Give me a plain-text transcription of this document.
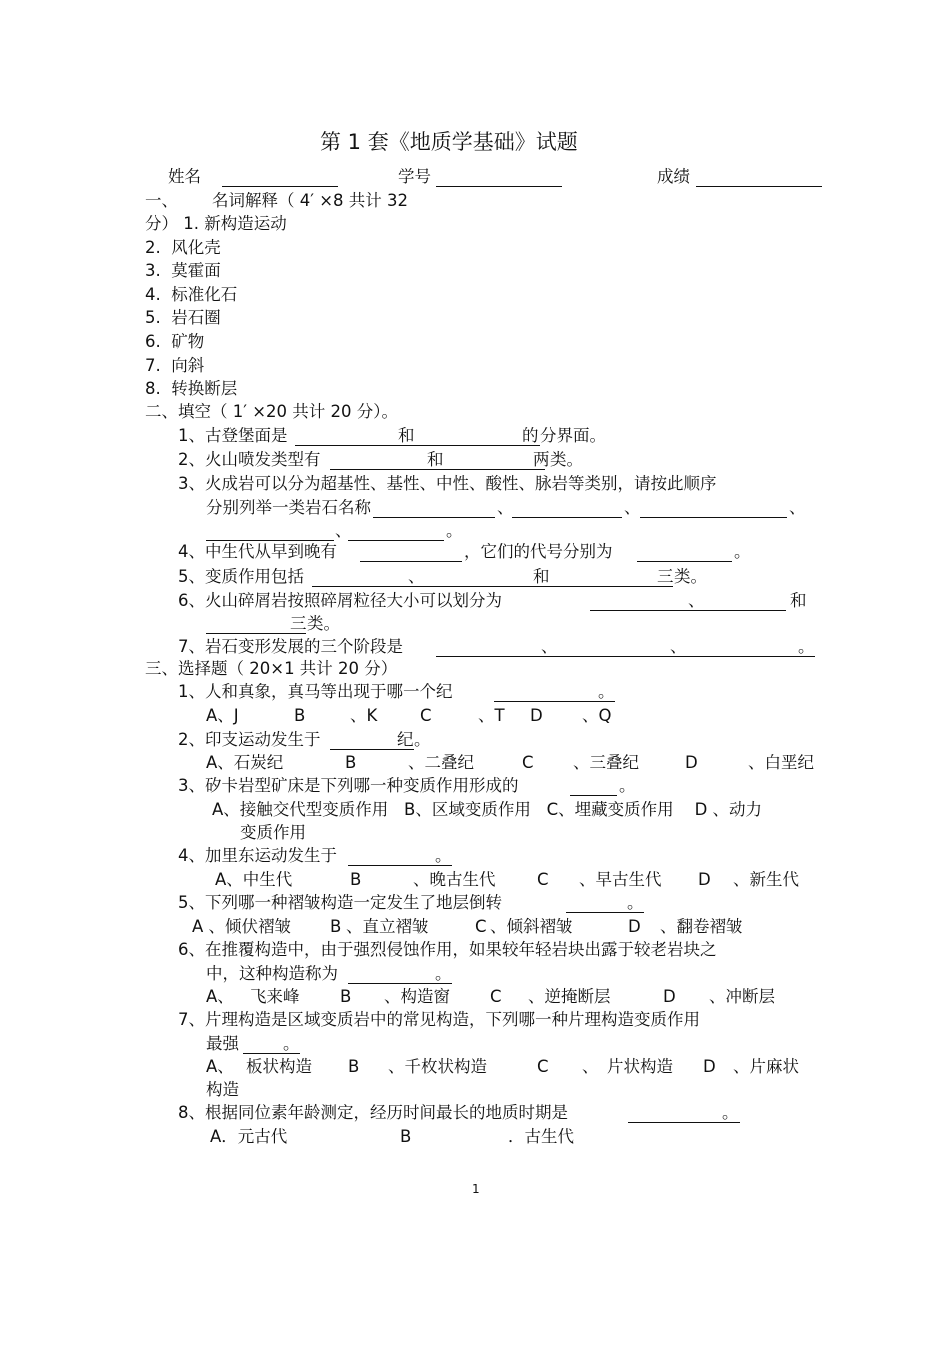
第 1 套《地质学基础》试题
姓名	学号	成绩
一、 名词解释（ 4′ ×8 共计 32
分） 1. 新构造运动
2.  风化壳
3.  莫霍面
4.  标准化石
5.  岩石圈
6.  矿物
7.  向斜
8.  转换断层
二、填空（ 1′ ×20 共计 20 分）。
1、古登堡面是	和	的 分界面。
2、火山喷发类型有	和	两 类。
3、火成岩可以分为超基性、基性、中性、酸性、脉岩等类别，请按此顺序
分别列举一类岩石名称	、	、	、
、	。
4、中生代从早到晚有	，它们的代号分别为	。
5、变质作用包括	、	和	三 类。
6、火山碎屑岩按照碎屑粒径大小可以划分为	、	和
三 类。
7、岩石变形发展的三个阶段是	、	、	。
三、选择题（ 20×1 共计 20 分）
1、人和真象，真马等出现于哪一个纪	。
A、J	B	、K	C	、T D 、Q
2、印支运动发生于	纪 。
A、石炭纪	B	、二叠纪	C 、三叠纪	D	、白垩纪
3、矽卡岩型矿床是下列哪一种变质作用形成的	。
A、接触交代型变质作用   B、区域变质作用   C、埋藏变质作用    D 、动力
变质作用
4、加里东运动发生于	。
A、中生代	B	、晚古生代	C 、早古生代 D 、新生代
5、下列哪一种褶皱构造一定发生了地层倒转	。
A 、倾伏褶皱 B 、直立褶皱	C 、倾斜褶皱	D 、翻卷褶皱
6、在推覆构造中，由于强烈侵蚀作用，如果较年轻岩块出露于较老岩块之
中，这种构造称为	。
A、 飞来峰 B 、构造窗 C 、逆掩断层	D 、冲断层
7、片理构造是区域变质岩中的常见构造，下列哪一种片理构造变质作用
最强	。
A、 板状构造 B 、千枚状构造	C 、 片状构造 D 、片麻状
构造
8、根据同位素年龄测定，经历时间最长的地质时期是	。
A．元古代	B	．古生代
1
